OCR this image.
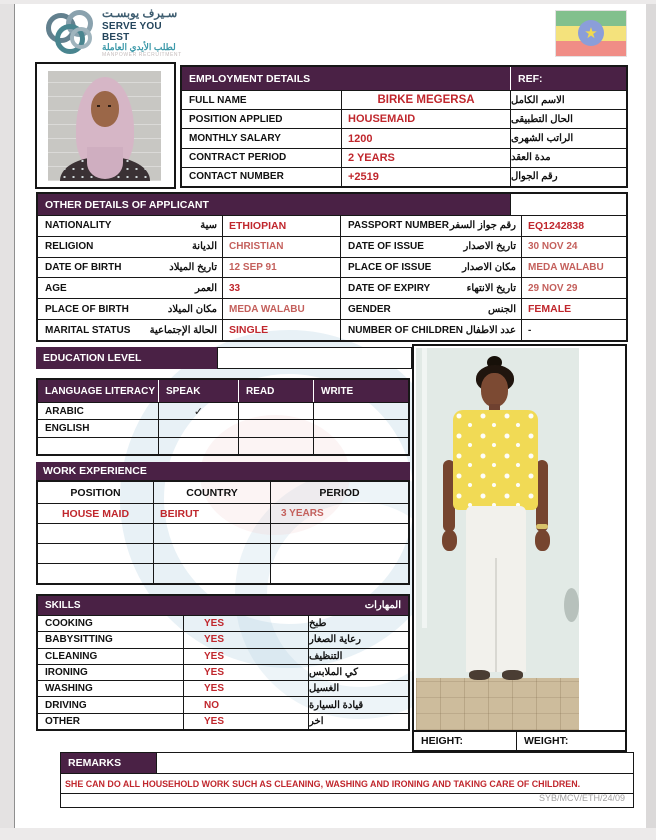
سـيرف يوبسـت
SERVE YOU BEST
لطلب الأيدي العاملة
MANPOWER RECRUITMENT
★
EMPLOYMENT DETAILS	REF:
FULL NAME	BIRKE MEGERSA	الاسم الكامل
POSITION APPLIED	HOUSEMAID	الحال التطبيقى
MONTHLY SALARY	1200	الراتب الشهرى
CONTRACT PERIOD	2 YEARS	مدة العقد
CONTACT NUMBER	+2519	رقم الجوال
OTHER DETAILS OF APPLICANT
NATIONALITY	سية	ETHIOPIAN	PASSPORT NUMBER رقم جواز السفر	EQ1242838
RELIGION	الديانة	CHRISTIAN	DATE OF ISSUE	تاريخ الاصدار	30 NOV 24
DATE OF BIRTH	تاريخ الميلاد	12 SEP 91	PLACE OF ISSUE	مكان الاصدار	MEDA WALABU
AGE	العمر	33	DATE OF EXPIRY	تاريخ الانتهاء	29 NOV 29
PLACE OF BIRTH	مكان الميلاد	MEDA WALABU	GENDER	الجنس	FEMALE
MARITAL STATUS الحالة الإجتماعية	SINGLE	NUMBER OF CHILDREN عدد الاطفال	-
EDUCATION LEVEL
LANGUAGE LITERACY	SPEAK	READ	WRITE
ARABIC	✓
ENGLISH
WORK EXPERIENCE
POSITION	COUNTRY	PERIOD
HOUSE MAID	BEIRUT	3 YEARS
SKILLS	المهارات
COOKING	YES	طبخ
BABYSITTING	YES	رعاية الصغار
CLEANING	YES	التنظيف
IRONING	YES	كي الملابس
WASHING	YES	الغسيل
DRIVING	NO	قيادة السيارة
OTHER	YES	اخر
HEIGHT:	WEIGHT:
REMARKS
SHE CAN DO ALL HOUSEHOLD WORK SUCH AS CLEANING, WASHING AND IRONING AND TAKING CARE OF CHILDREN.
SYB/MCV/ETH/24/09
